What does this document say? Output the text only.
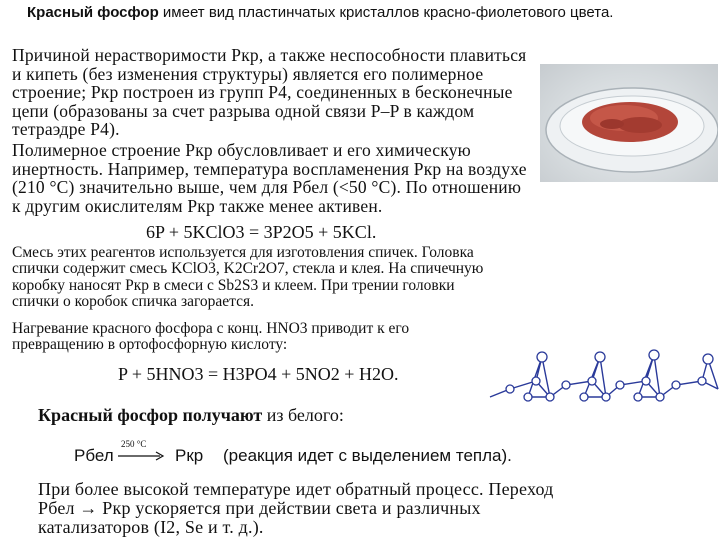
Красный фосфор имеет вид пластинчатых кристаллов красно-фиолетового цвета.

Причиной нерастворимости Pкр, а также неспособности плавиться и кипеть (без изменения структуры) является его полимерное строение; Pкр построен из групп P4, соединенных в бесконечные цепи (образованы за счет разрыва одной связи P–P в каждом тетраэдре P4).

Полимерное строение Pкр обусловливает и его химическую инертность. Например, температура воспламенения Pкр на воздухе (210 °С) значительно выше, чем для Pбел (<50 °С). По отношению к другим окислителям Pкр также менее активен.

6P + 5KClO3 = 3P2O5 + 5KCl.

Смесь этих реагентов используется для изготовления спичек. Головка спички содержит смесь KClO3, K2Cr2O7, стекла и клея. На спичечную коробку наносят Pкр в смеси с Sb2S3 и клеем. При трении головки спички о коробок спичка загорается.

Нагревание красного фосфора с конц. HNO3 приводит к его превращению в ортофосфорную кислоту:

P + 5HNO3 = H3PO4 + 5NO2 + H2O.
Красный фосфор получают из белого:
Pбел
250 °С
→ Pкр (реакция идет с выделением тепла).

При более высокой температуре идет обратный процесс. Переход Pбел → Pкр ускоряется при действии света и различных катализаторов (I2, Se и т. д.).
